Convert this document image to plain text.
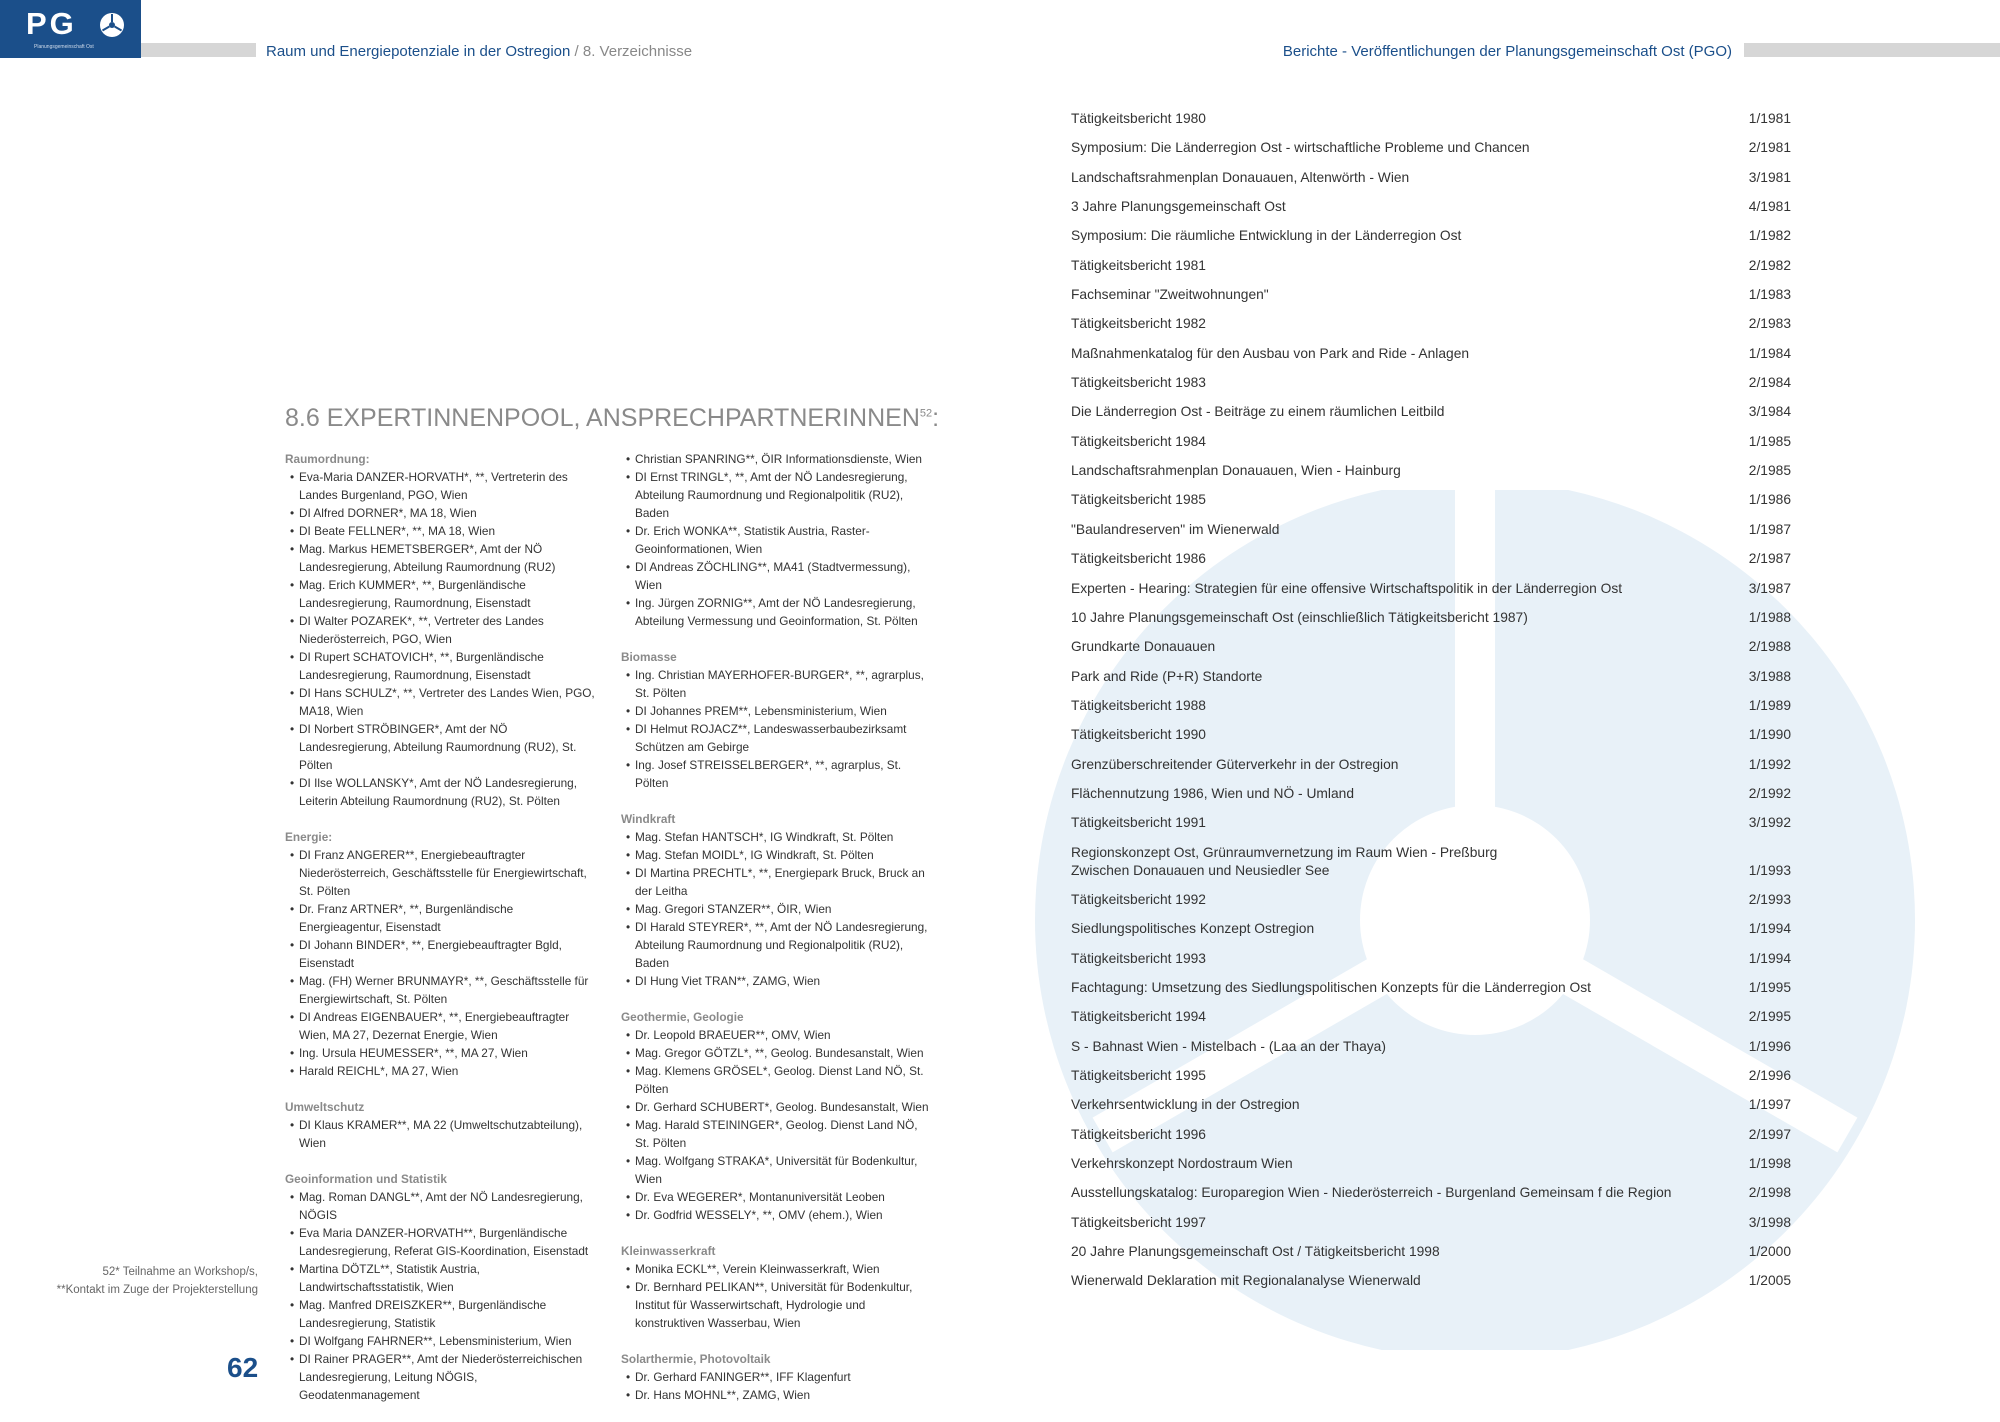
PG
Planungsgemeinschaft Ost	Raum und Energiepotenziale in der Ostregion / 8. Verzeichnisse	Berichte - Veröffentlichungen der Planungsgemeinschaft Ost (PGO)
8.6 EXPERTINNENPOOL, ANSPRECHPARTNERINNEN$^{52}$:
Raumordnung:
• Eva-Maria DANZER-HORVATH*, **, Vertreterin des Landes Burgenland, PGO, Wien
• DI Alfred DORNER*, MA 18, Wien
• DI Beate FELLNER*, **, MA 18, Wien
• Mag. Markus HEMETSBERGER*, Amt der NÖ Landesregierung, Abteilung Raumordnung (RU2)
• Mag. Erich KUMMER*, **, Burgenländische Landesregierung, Raumordnung, Eisenstadt
• DI Walter POZAREK*, **, Vertreter des Landes Niederösterreich, PGO, Wien
• DI Rupert SCHATOVICH*, **, Burgenländische Landesregierung, Raumordnung, Eisenstadt
• DI Hans SCHULZ*, **, Vertreter des Landes Wien, PGO, MA18, Wien
• DI Norbert STRÖBINGER*, Amt der NÖ Landesregierung, Abteilung Raumordnung (RU2), St. Pölten
• DI Ilse WOLLANSKY*, Amt der NÖ Landesregierung, Leiterin Abteilung Raumordnung (RU2), St. Pölten
Energie:
• DI Franz ANGERER**, Energiebeauftragter Niederösterreich, Geschäftsstelle für Energiewirtschaft, St. Pölten
• Dr. Franz ARTNER*, **, Burgenländische Energieagentur, Eisenstadt
• DI Johann BINDER*, **, Energiebeauftragter Bgld, Eisenstadt
• Mag. (FH) Werner BRUNMAYR*, **, Geschäftsstelle für Energiewirtschaft, St. Pölten
• DI Andreas EIGENBAUER*, **, Energiebeauftragter Wien, MA 27, Dezernat Energie, Wien
• Ing. Ursula HEUMESSER*, **, MA 27, Wien
• Harald REICHL*, MA 27, Wien
Umweltschutz
• DI Klaus KRAMER**, MA 22 (Umweltschutzabteilung), Wien
Geoinformation und Statistik
• Mag. Roman DANGL**, Amt der NÖ Landesregierung, NÖGIS
• Eva Maria DANZER-HORVATH**, Burgenländische Landesregierung, Referat GIS-Koordination, Eisenstadt
• Martina DÖTZL**, Statistik Austria, Landwirtschaftsstatistik, Wien
• Mag. Manfred DREISZKER**, Burgenländische Landesregierung, Statistik
• DI Wolfgang FAHRNER**, Lebensministerium, Wien
• DI Rainer PRAGER**, Amt der Niederösterreichischen Landesregierung, Leitung NÖGIS, Geodatenmanagement
• Christian SPANRING**, ÖIR Informationsdienste, Wien
• DI Ernst TRINGL*, **, Amt der NÖ Landesregierung, Abteilung Raumordnung und Regionalpolitik (RU2), Baden
• Dr. Erich WONKA**, Statistik Austria, Raster-Geoinformationen, Wien
• DI Andreas ZÖCHLING**, MA41 (Stadtvermessung), Wien
• Ing. Jürgen ZORNIG**, Amt der NÖ Landesregierung, Abteilung Vermessung und Geoinformation, St. Pölten
Biomasse
• Ing. Christian MAYERHOFER-BURGER*, **, agrarplus, St. Pölten
• DI Johannes PREM**, Lebensministerium, Wien
• DI Helmut ROJACZ**, Landeswasserbaubezirksamt Schützen am Gebirge
• Ing. Josef STREISSELBERGER*, **, agrarplus, St. Pölten
Windkraft
• Mag. Stefan HANTSCH*, IG Windkraft, St. Pölten
• Mag. Stefan MOIDL*, IG Windkraft, St. Pölten
• DI Martina PRECHTL*, **, Energiepark Bruck, Bruck an der Leitha
• Mag. Gregori STANZER**, ÖIR, Wien
• DI Harald STEYRER*, **, Amt der NÖ Landesregierung, Abteilung Raumordnung und Regionalpolitik (RU2), Baden
• DI Hung Viet TRAN**, ZAMG, Wien
Geothermie, Geologie
• Dr. Leopold BRAEUER**, OMV, Wien
• Mag. Gregor GÖTZL*, **, Geolog. Bundesanstalt, Wien
• Mag. Klemens GRÖSEL*, Geolog. Dienst Land NÖ, St. Pölten
• Dr. Gerhard SCHUBERT*, Geolog. Bundesanstalt, Wien
• Mag. Harald STEININGER*, Geolog. Dienst Land NÖ, St. Pölten
• Mag. Wolfgang STRAKA*, Universität für Bodenkultur, Wien
• Dr. Eva WEGERER*, Montanuniversität Leoben
• Dr. Godfrid WESSELY*, **, OMV (ehem.), Wien
Kleinwasserkraft
• Monika ECKL**, Verein Kleinwasserkraft, Wien
• Dr. Bernhard PELIKAN**, Universität für Bodenkultur, Institut für Wasserwirtschaft, Hydrologie und konstruktiven Wasserbau, Wien
Solarthermie, Photovoltaik
• Dr. Gerhard FANINGER**, IFF Klagenfurt
• Dr. Hans MOHNL**, ZAMG, Wien
52* Teilnahme an Workshop/s,
**Kontakt im Zuge der Projekterstellung
62
Tätigkeitsbericht 1980	1/1981
Symposium: Die Länderregion Ost - wirtschaftliche Probleme und Chancen	2/1981
Landschaftsrahmenplan Donauauen, Altenwörth - Wien	3/1981
3 Jahre Planungsgemeinschaft Ost	4/1981
Symposium: Die räumliche Entwicklung in der Länderregion Ost	1/1982
Tätigkeitsbericht 1981	2/1982
Fachseminar "Zweitwohnungen"	1/1983
Tätigkeitsbericht 1982	2/1983
Maßnahmenkatalog für den Ausbau von Park and Ride - Anlagen	1/1984
Tätigkeitsbericht 1983	2/1984
Die Länderregion Ost - Beiträge zu einem räumlichen Leitbild	3/1984
Tätigkeitsbericht 1984	1/1985
Landschaftsrahmenplan Donauauen, Wien - Hainburg	2/1985
Tätigkeitsbericht 1985	1/1986
"Baulandreserven" im Wienerwald	1/1987
Tätigkeitsbericht 1986	2/1987
Experten - Hearing: Strategien für eine offensive Wirtschaftspolitik in der Länderregion Ost	3/1987
10 Jahre Planungsgemeinschaft Ost (einschließlich Tätigkeitsbericht 1987)	1/1988
Grundkarte Donauauen	2/1988
Park and Ride (P+R) Standorte	3/1988
Tätigkeitsbericht 1988	1/1989
Tätigkeitsbericht 1990	1/1990
Grenzüberschreitender Güterverkehr in der Ostregion	1/1992
Flächennutzung 1986, Wien und NÖ - Umland	2/1992
Tätigkeitsbericht 1991	3/1992
Regionskonzept Ost, Grünraumvernetzung im Raum Wien - Preßburg
Zwischen Donauauen und Neusiedler See	1/1993
Tätigkeitsbericht 1992	2/1993
Siedlungspolitisches Konzept Ostregion	1/1994
Tätigkeitsbericht 1993	1/1994
Fachtagung: Umsetzung des Siedlungspolitischen Konzepts für die Länderregion Ost	1/1995
Tätigkeitsbericht 1994	2/1995
S - Bahnast Wien - Mistelbach - (Laa an der Thaya)	1/1996
Tätigkeitsbericht 1995	2/1996
Verkehrsentwicklung in der Ostregion	1/1997
Tätigkeitsbericht 1996	2/1997
Verkehrskonzept Nordostraum Wien	1/1998
Ausstellungskatalog: Europaregion Wien - Niederösterreich - Burgenland Gemeinsam f die Region	2/1998
Tätigkeitsbericht 1997	3/1998
20 Jahre Planungsgemeinschaft Ost / Tätigkeitsbericht 1998	1/2000
Wienerwald Deklaration mit Regionalanalyse Wienerwald	1/2005
